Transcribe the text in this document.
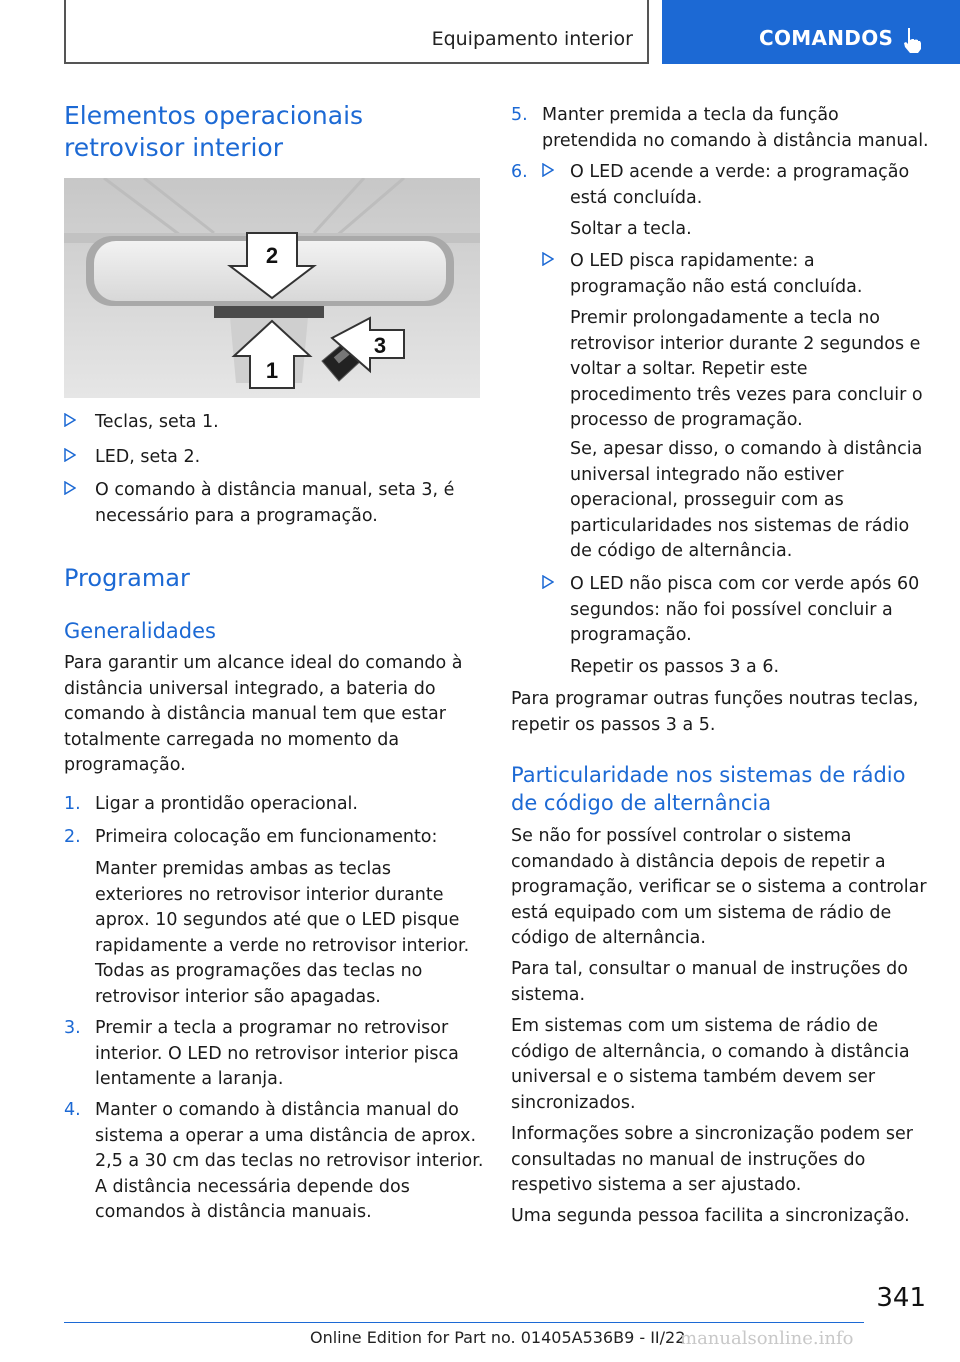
Equipamento interior	COMANDOS
Elementos operacionais retrovisor interior
2
1
3

Teclas, seta 1.

LED, seta 2.

O comando à distância manual, seta 3, é necessário para a programação.

Programar
Generalidades

Para garantir um alcance ideal do comando à distância universal integrado, a bateria do comando à distância manual tem que estar totalmente carregada no momento da programação.

1. Ligar a prontidão operacional.

2. Primeira colocação em funcionamento:

Manter premidas ambas as teclas exteriores no retrovisor interior durante aprox. 10 segundos até que o LED pisque rapidamente a verde no retrovisor interior. Todas as programações das teclas no retrovisor interior são apagadas.

3. Premir a tecla a programar no retrovisor interior. O LED no retrovisor interior pisca lentamente a laranja.

4. Manter o comando à distância manual do sistema a operar a uma distância de aprox. 2,5 a 30 cm das teclas no retrovisor interior. A distância necessária depende dos comandos à distância manuais.

5. Manter premida a tecla da função pretendida no comando à distância manual.

6. O LED acende a verde: a programação está concluída.

Soltar a tecla.

O LED pisca rapidamente: a programação não está concluída.

Premir prolongadamente a tecla no retrovisor interior durante 2 segundos e voltar a soltar. Repetir este procedimento três vezes para concluir o processo de programação.

Se, apesar disso, o comando à distância universal integrado não estiver operacional, prosseguir com as particularidades nos sistemas de rádio de código de alternância.

O LED não pisca com cor verde após 60 segundos: não foi possível concluir a programação.

Repetir os passos 3 a 6.

Para programar outras funções noutras teclas, repetir os passos 3 a 5.

Particularidade nos sistemas de rádio de código de alternância

Se não for possível controlar o sistema comandado à distância depois de repetir a programação, verificar se o sistema a controlar está equipado com um sistema de rádio de código de alternância.

Para tal, consultar o manual de instruções do sistema.

Em sistemas com um sistema de rádio de código de alternância, o comando à distância universal e o sistema também devem ser sincronizados.

Informações sobre a sincronização podem ser consultadas no manual de instruções do respetivo sistema a ser ajustado.

Uma segunda pessoa facilita a sincronização.

341
Online Edition for Part no. 01405A536B9 - II/22
manualsonline.info
